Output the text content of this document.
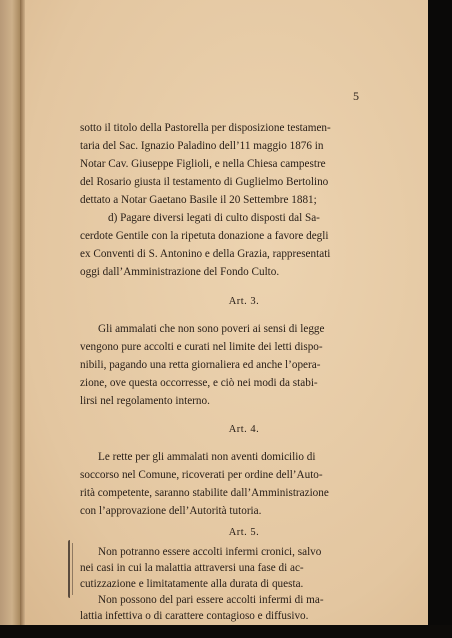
5
sotto il titolo della Pastorella per disposizione testamen-
taria del Sac. Ignazio Paladino dell’11 maggio 1876 in
Notar Cav. Giuseppe Figlioli, e nella Chiesa campestre
del Rosario giusta il testamento di Guglielmo Bertolino
dettato a Notar Gaetano Basile il 20 Settembre 1881;
d) Pagare diversi legati di culto disposti dal Sa-
cerdote Gentile con la ripetuta donazione a favore degli
ex Conventi di S. Antonino e della Grazia, rappresentati
oggi dall’Amministrazione del Fondo Culto.
Art. 3.
Gli ammalati che non sono poveri ai sensi di legge
vengono pure accolti e curati nel limite dei letti dispo-
nibili, pagando una retta giornaliera ed anche l’opera-
zione, ove questa occorresse, e ciò nei modi da stabi-
lirsi nel regolamento interno.
Art. 4.
Le rette per gli ammalati non aventi domicilio di
soccorso nel Comune, ricoverati per ordine dell’Auto-
rità competente, saranno stabilite dall’Amministrazione
con l’approvazione dell’Autorità tutoria.
Art. 5.
Non potranno essere accolti infermi cronici, salvo
nei casi in cui la malattia attraversi una fase di ac-
cutizzazione e limitatamente alla durata di questa.
Non possono del pari essere accolti infermi di ma-
lattia infettiva o di carattere contagioso e diffusivo.
